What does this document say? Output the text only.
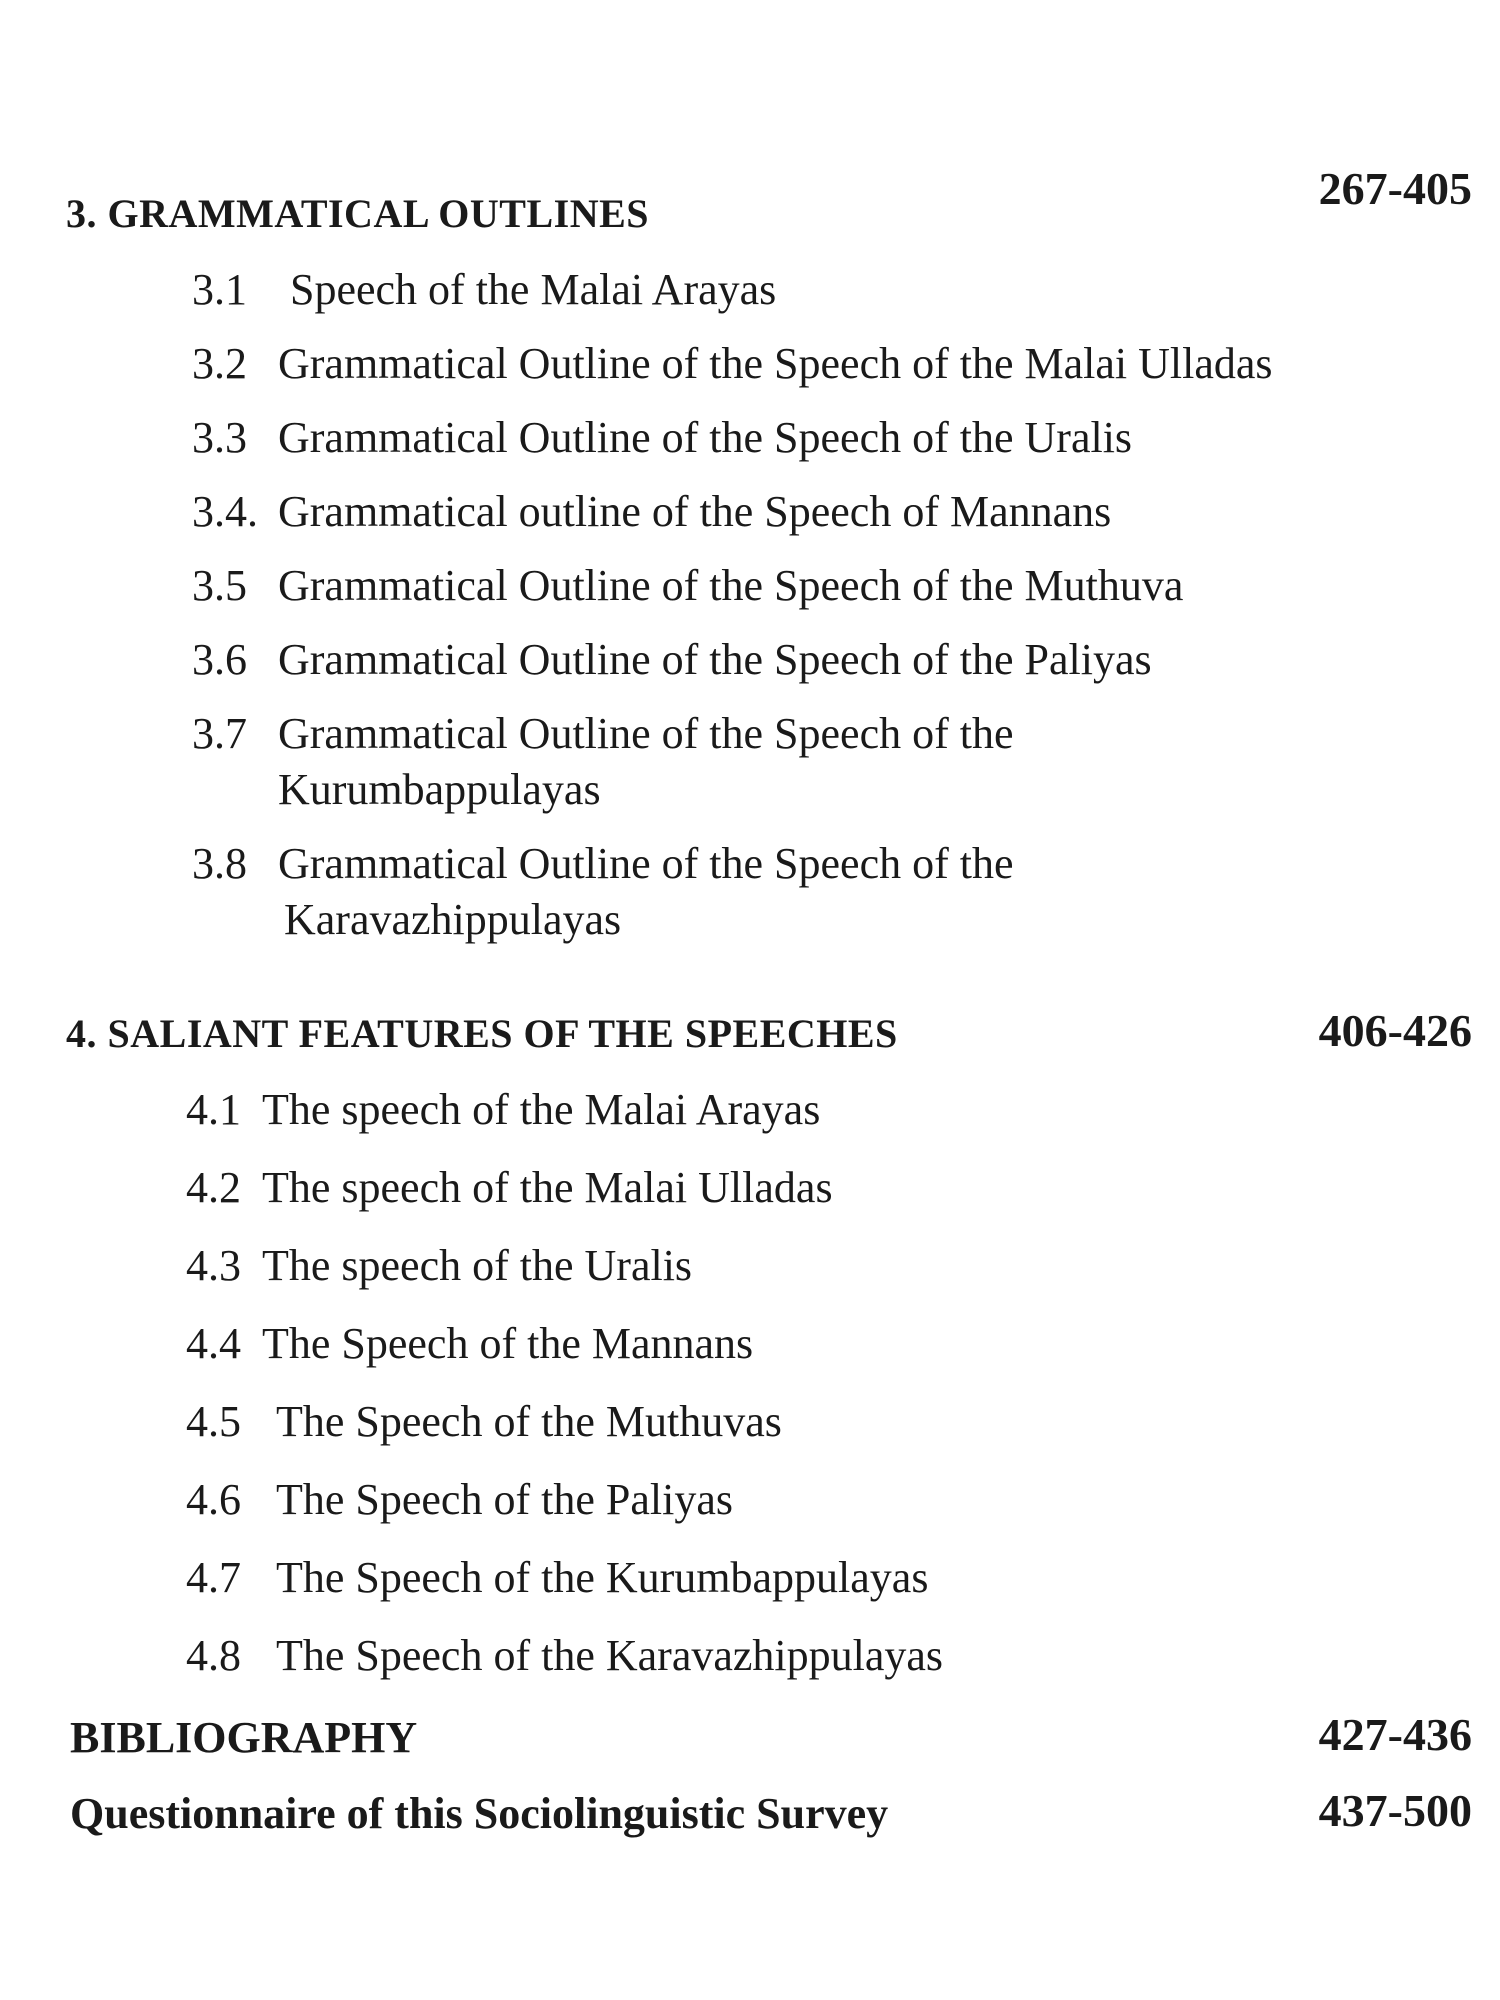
3. GRAMMATICAL OUTLINES	267-405
3.1 Speech of the Malai Arayas
3.2 Grammatical Outline of the Speech of the Malai Ulladas
3.3 Grammatical Outline of the Speech of the Uralis
3.4. Grammatical outline of the Speech of Mannans
3.5 Grammatical Outline of the Speech of the Muthuva
3.6 Grammatical Outline of the Speech of the Paliyas
3.7 Grammatical Outline of the Speech of the
Kurumbappulayas
3.8 Grammatical Outline of the Speech of the
Karavazhippulayas
4. SALIANT FEATURES OF THE SPEECHES	406-426
4.1 The speech of the Malai Arayas
4.2 The speech of the Malai Ulladas
4.3 The speech of the Uralis
4.4 The Speech of the Mannans
4.5 The Speech of the Muthuvas
4.6 The Speech of the Paliyas
4.7 The Speech of the Kurumbappulayas
4.8 The Speech of the Karavazhippulayas
BIBLIOGRAPHY	427-436
Questionnaire of this Sociolinguistic Survey	437-500
